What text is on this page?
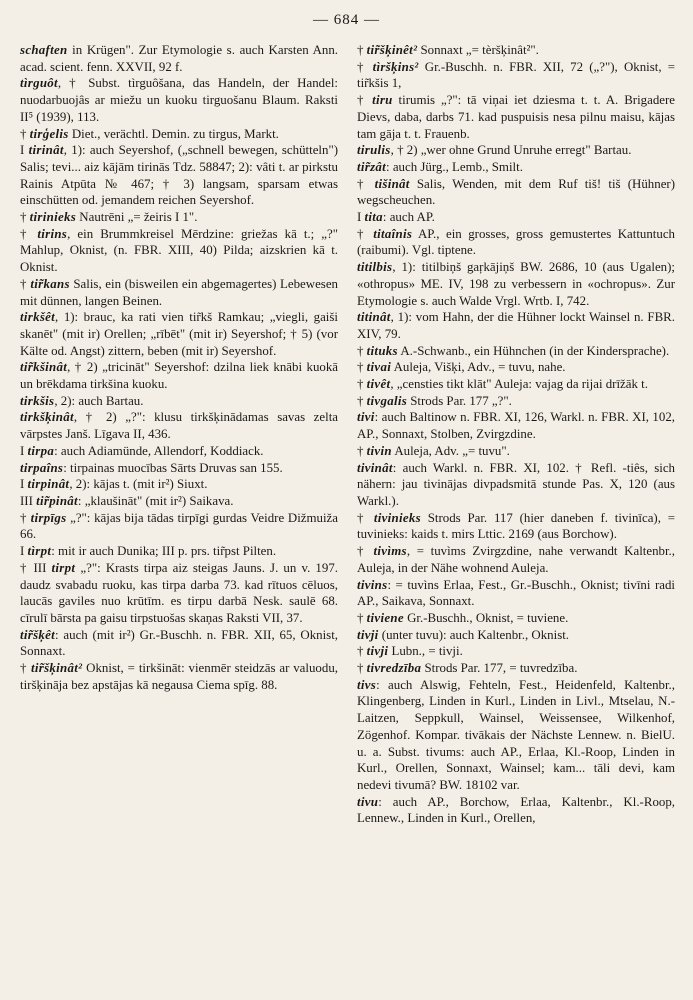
— 684 —

schaften in Krügen". Zur Etymologie s. auch Karsten Ann. acad. scient. fenn. XXVII, 92 f.

tìrguôt, † Subst. tìrguôšana, das Handeln, der Handel: nuodarbuojâs ar miežu un kuoku tirguošanu Blaum. Raksti II⁵ (1939), 113.

† tirģelis Diet., verächtl. Demin. zu tirgus, Markt.

I tirinât, 1): auch Seyershof, („schnell bewegen, schütteln") Salis; tevi... aiz kājām tirinās Tdz. 58847; 2): vâti t. ar pirkstu Rainis Atpūta № 467; † 3) langsam, sparsam etwas einschütten od. jemandem reichen Seyershof.

† tirinieks Nautrēni „= žeiris I 1".

† tirins, ein Brummkreisel Mērdzine: griežas kā t.; „?" Mahlup, Oknist, (n. FBR. XIII, 40) Pilda; aizskrien kā t. Oknist.

† tir̃kans Salis, ein (bisweilen ein abgemagertes) Lebewesen mit dünnen, langen Beinen.

tirkšêt, 1): brauc, ka rati vien tir̃kš Ramkau; „viegli, gaiši skanēt" (mit ir) Orellen; „rībēt" (mit ir) Seyershof; † 5) (vor Kälte od. Angst) zittern, beben (mit ir) Seyershof.

tir̃kšinât, † 2) „tricināt" Seyershof: dzilna liek knābi kuokā un brēkdama tirkšina kuoku.

tirkšis, 2): auch Bartau.

tirkšķinât, † 2) „?": klusu tirkšķinādamas savas zelta vārpstes Janš. Līgava II, 436.

I tirpa: auch Adiamünde, Allendorf, Koddiack.

tirpaîns: tirpainas muocības Sārts Druvas san 155.

I tirpinât, 2): kājas t. (mit ir²) Siuxt.

III tir̃pinât: „klaušināt" (mit ir²) Saikava.

† tirpīgs „?": kājas bija tādas tirpīgi gurdas Veidre Dižmuiža 66.

I tìrpt: mit ir auch Dunika; III p. prs. tir̃pst Pilten.

† III tirpt „?": Krasts tirpa aiz steigas Jauns. J. un v. 197. daudz svabadu ruoku, kas tirpa darba 73. kad rītuos cēluos, laucās gaviles nuo krūtīm. es tirpu darbā Nesk. saulē 68. cīrulī bārsta pa gaisu tirpstuošas skaņas Raksti VII, 37.

tir̃šķêt: auch (mit ir²) Gr.-Buschh. n. FBR. XII, 65, Oknist, Sonnaxt.

† tir̃šķinât² Oknist, = tirkšināt: vienmēr steidzās ar valuodu, tiršķināja bez apstājas kā negausa Ciema spīg. 88.

† tir̃šķinêt² Sonnaxt „= tèršķinât²".

† tìršķins² Gr.-Buschh. n. FBR. XII, 72 („?"), Oknist, = tir̃kšis 1,

† tiru tirumis „?": tā viņai iet dziesma t. t. A. Brigadere Dievs, daba, darbs 71. kad puspuisis nesa pilnu maisu, kājas tam gāja t. t. Frauenb.

tirulis, † 2) „wer ohne Grund Unruhe erregt" Bartau.

tir̃zât: auch Jürg., Lemb., Smilt.

† tišinât Salis, Wenden, mit dem Ruf tiš! tiš (Hühner) wegscheuchen.

I tita: auch AP.

† titaînis AP., ein grosses, gross gemustertes Kattuntuch (raibumi). Vgl. tiptene.

titilbis, 1): titilbiņš gaŗkājiņš BW. 2686, 10 (aus Ugalen); «othropus» ME. IV, 198 zu verbessern in «ochropus». Zur Etymologie s. auch Walde Vrgl. Wrtb. I, 742.

titinât, 1): vom Hahn, der die Hühner lockt Wainsel n. FBR. XIV, 79.

† tituks A.-Schwanb., ein Hühnchen (in der Kindersprache).

† tivai Auleja, Višķi, Adv., = tuvu, nahe.

† tivêt, „censties tikt klāt" Auleja: vajag da rijai drīžāk t.

† tivgalis Strods Par. 177 „?".

tivi: auch Baltinow n. FBR. XI, 126, Warkl. n. FBR. XI, 102, AP., Sonnaxt, Stolben, Zvirgzdine.

† tivin Auleja, Adv. „= tuvu".

tivinât: auch Warkl. n. FBR. XI, 102. † Refl. -tiês, sich nähern: jau tivinājas divpadsmitā stunde Pas. X, 120 (aus Warkl.).

† tivinieks Strods Par. 117 (hier daneben f. tivinīca), = tuvinieks: kaids t. mirs Lttic. 2169 (aus Borchow).

† tivìms, = tuvìms Zvirgzdine, nahe verwandt Kaltenbr., Auleja, in der Nähe wohnend Auleja.

tivins: = tuvìns Erlaa, Fest., Gr.-Buschh., Oknist; tivīni radi AP., Saikava, Sonnaxt.

† tiviene Gr.-Buschh., Oknist, = tuviene.

tivji (unter tuvu): auch Kaltenbr., Oknist.

† tivji Lubn., = tivji.

† tivredzība Strods Par. 177, = tuvredzība.

tivs: auch Alswig, Fehteln, Fest., Heidenfeld, Kaltenbr., Klingenberg, Linden in Kurl., Linden in Livl., Mtselau, N.-Laitzen, Seppkull, Wainsel, Weissensee, Wilkenhof, Zögenhof. Kompar. tivākais der Nächste Lennew. n. BielU. u. a. Subst. tivums: auch AP., Erlaa, Kl.-Roop, Linden in Kurl., Orellen, Sonnaxt, Wainsel; kam... tāli devi, kam nedevi tivumā? BW. 18102 var.

tivu: auch AP., Borchow, Erlaa, Kaltenbr., Kl.-Roop, Lennew., Linden in Kurl., Orellen,
